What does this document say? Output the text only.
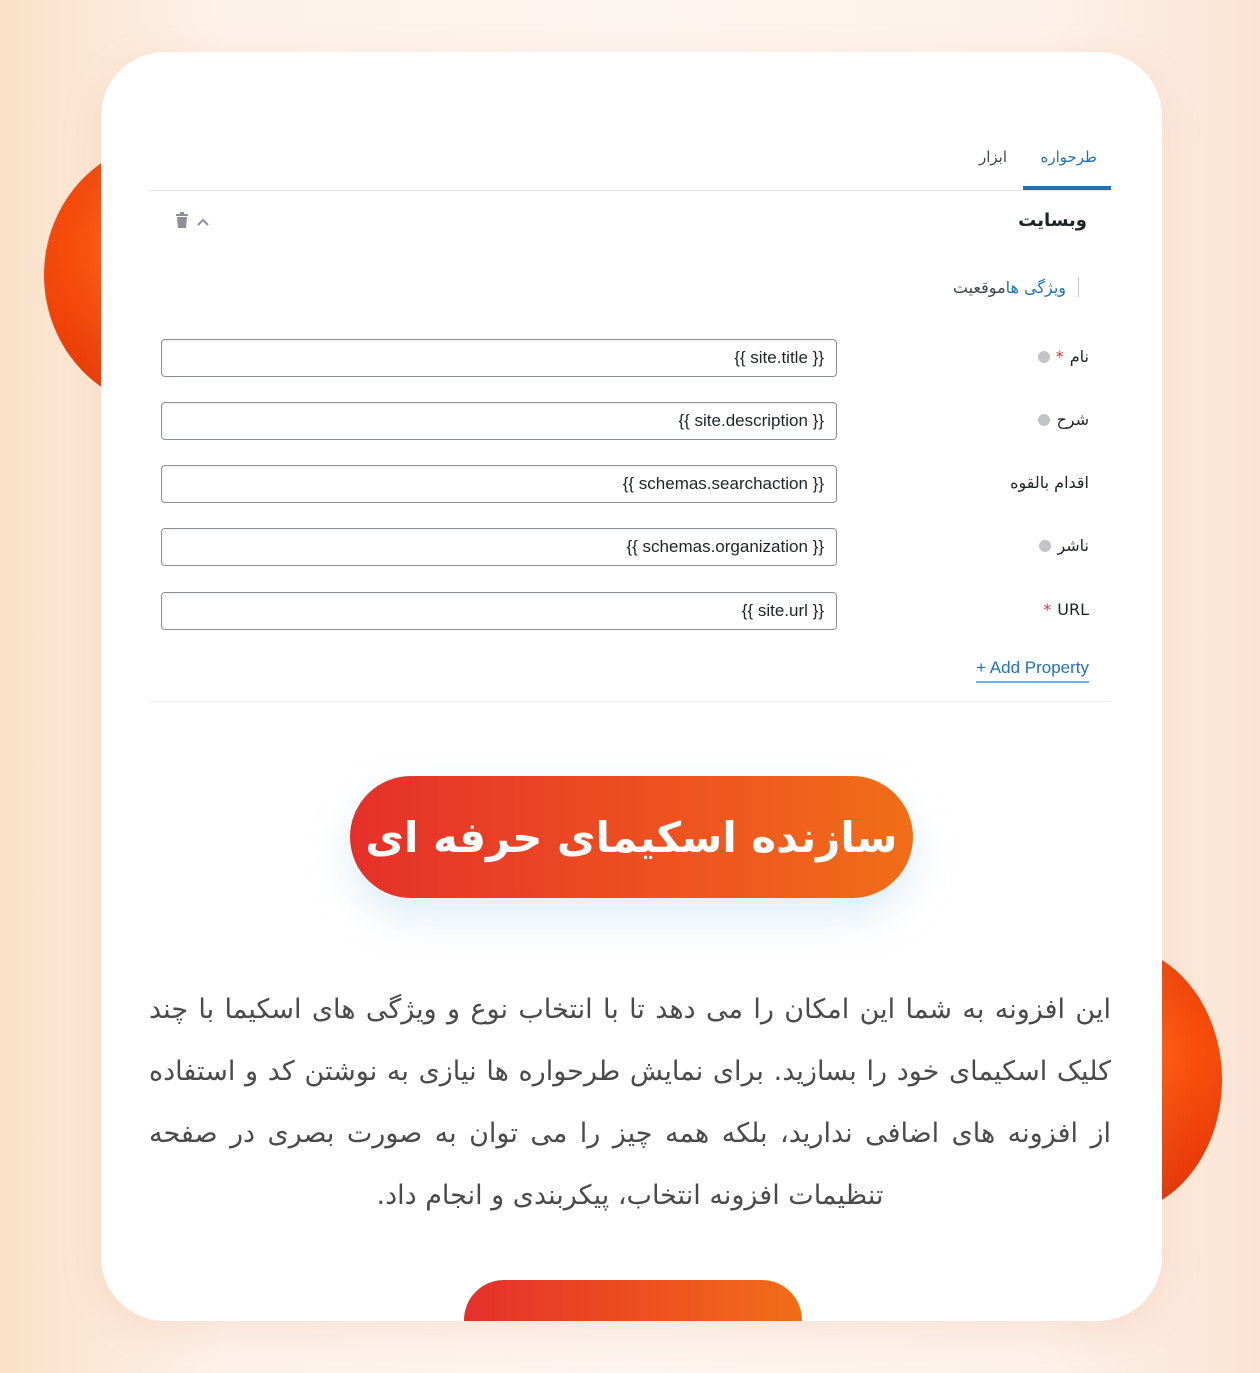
طرحواره
ابزار
وبسایت
ویژگی ها
موقعیت
نام
*
{{ site.title }}
شرح
{{ site.description }}
اقدام بالقوه
{{ schemas.searchaction }}
ناشر
{{ schemas.organization }}
* URL
{{ site.url }}
+ Add Property
سازنده اسکیمای حرفه ای

این افزونه به شما این امکان را می دهد تا با انتخاب نوع و ویژگی های اسکیما با چند کلیک اسکیمای خود را بسازید. برای نمایش طرحواره ها نیازی به نوشتن کد و استفاده از افزونه های اضافی ندارید، بلکه همه چیز را می توان به صورت بصری در صفحه تنظیمات افزونه انتخاب، پیکربندی و انجام داد.
